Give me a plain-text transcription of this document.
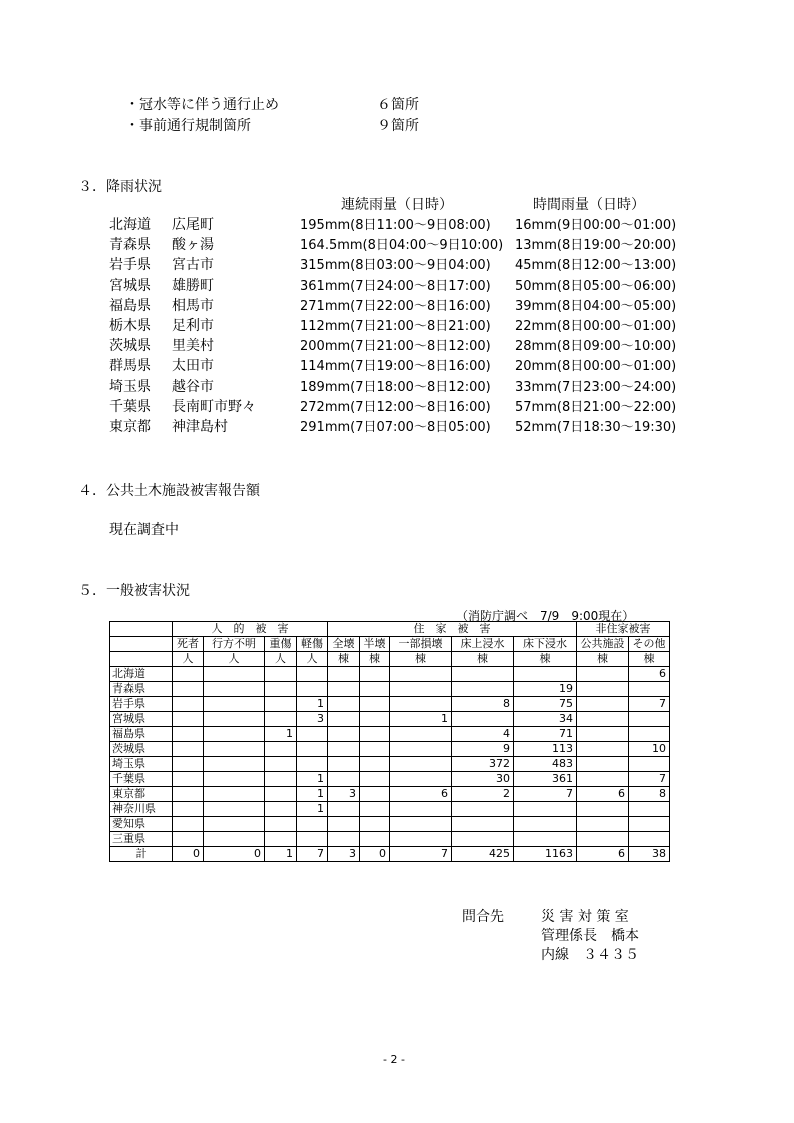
・冠水等に伴う通行止め	６箇所
・事前通行規制箇所	９箇所
３．降雨状況
連続雨量（日時）	時間雨量（日時）
北海道 広尾町	195mm(8日11:00～9日08:00) 16mm(9日00:00～01:00)
青森県 酸ヶ湯	164.5mm(8日04:00～9日10:00) 13mm(8日19:00～20:00)
岩手県 宮古市	315mm(8日03:00～9日04:00) 45mm(8日12:00～13:00)
宮城県 雄勝町	361mm(7日24:00～8日17:00) 50mm(8日05:00～06:00)
福島県 相馬市	271mm(7日22:00～8日16:00) 39mm(8日04:00～05:00)
栃木県 足利市	112mm(7日21:00～8日21:00) 22mm(8日00:00～01:00)
茨城県 里美村	200mm(7日21:00～8日12:00) 28mm(8日09:00～10:00)
群馬県 太田市	114mm(7日19:00～8日16:00) 20mm(8日00:00～01:00)
埼玉県 越谷市	189mm(7日18:00～8日12:00) 33mm(7日23:00～24:00)
千葉県 長南町市野々	272mm(7日12:00～8日16:00) 57mm(8日21:00～22:00)
東京都 神津島村	291mm(7日07:00～8日05:00) 52mm(7日18:30～19:30)
４．公共土木施設被害報告額
現在調査中
５．一般被害状況
（消防庁調べ　7/9　9:00現在）
	人　的　被　害				住　家　被　害					非住家被害	
	死者	行方不明	重傷	軽傷	全壊	半壊	一部損壊	床上浸水	床下浸水	公共施設	その他
	人	人	人	人	棟	棟	棟	棟	棟	棟	棟
北海道											6
青森県									19		
岩手県				1				8	75		7
宮城県				3			1		34		
福島県			1					4	71		
茨城県								9	113		10
埼玉県								372	483		
千葉県				1				30	361		7
東京都				1	3		6	2	7	6	8
神奈川県				1							
愛知県											
三重県											
計	0	0	1	7	3	0	7	425	1163	6	38
問合先	災 害 対 策 室
管理係長　橋本
内線　３４３５
- 2 -
